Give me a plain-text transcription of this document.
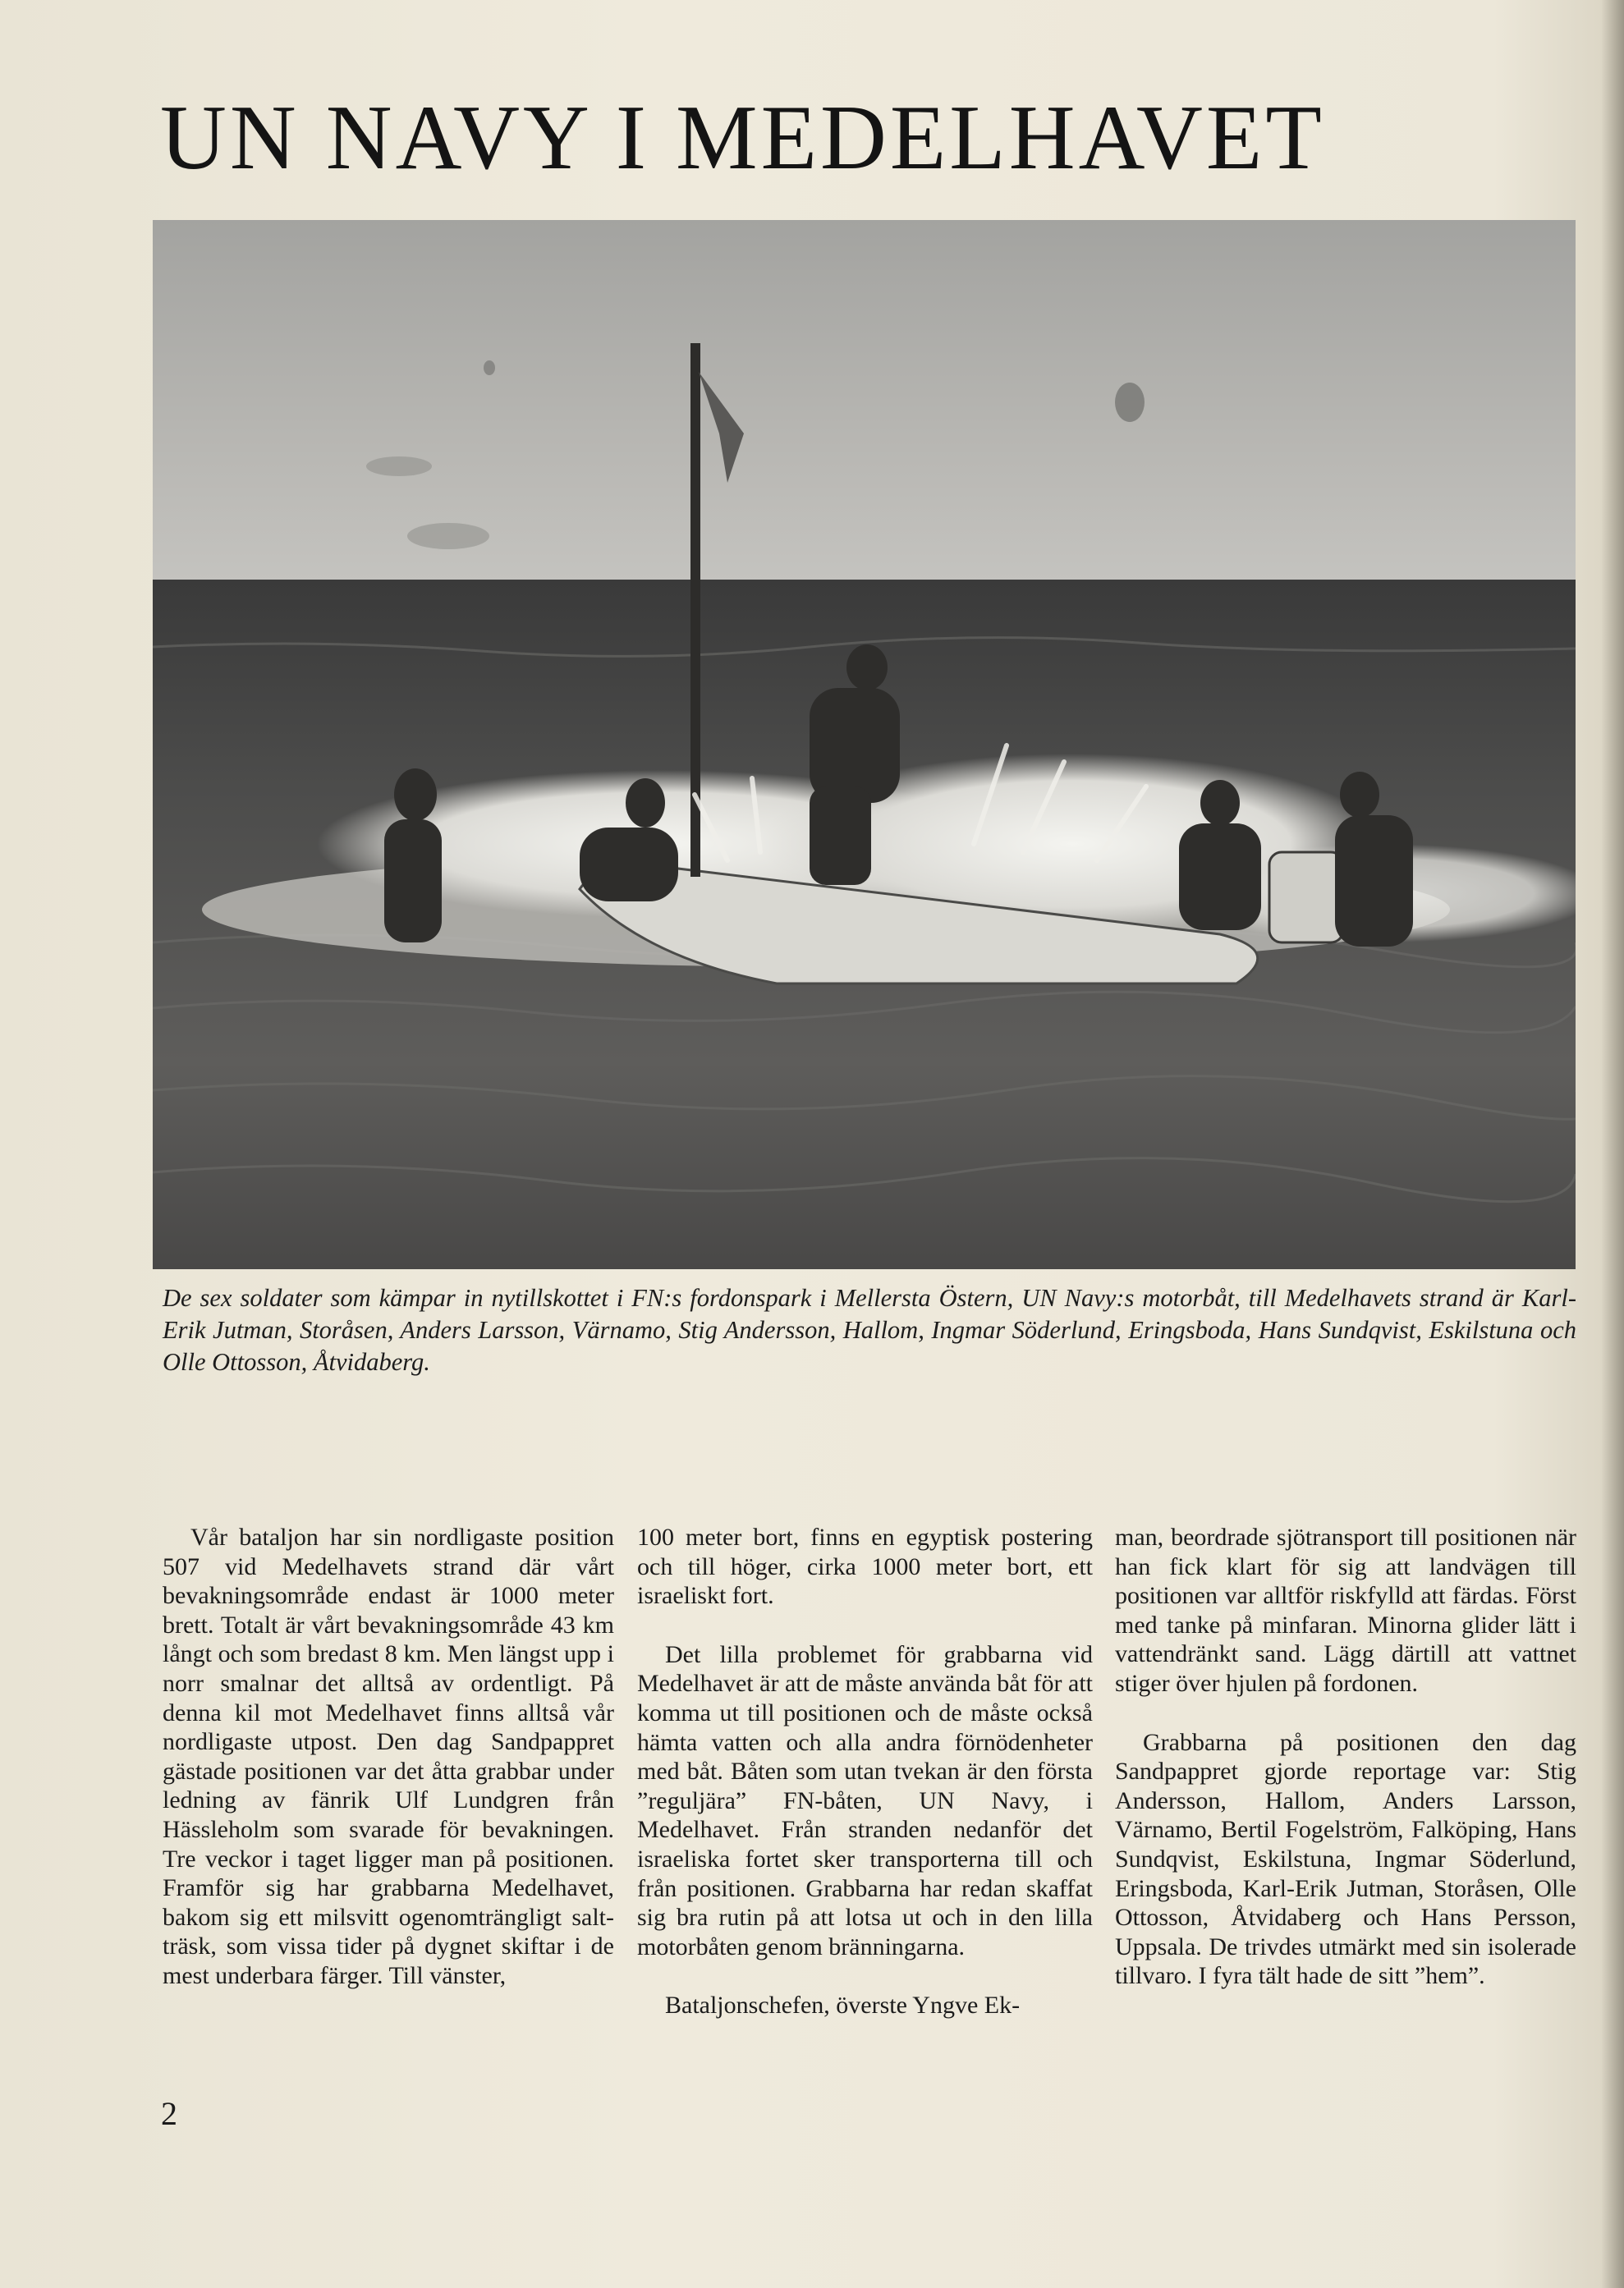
UN NAVY I MEDELHAVET

De sex soldater som kämpar in nytillskottet i FN:s fordonspark i Mellersta Östern, UN Navy:s motorbåt, till Medelhavets strand är Karl-Erik Jutman, Storåsen, Anders Larsson, Värnamo, Stig Andersson, Hallom, Ingmar Söderlund, Eringsboda, Hans Sundqvist, Eskilstuna och Olle Ottosson, Åtvidaberg.

Vår bataljon har sin nordligaste position 507 vid Medelhavets strand där vårt bevakningsområde endast är 1000 meter brett. Totalt är vårt bevakningsområde 43 km långt och som bredast 8 km. Men längst upp i norr smalnar det alltså av ordentligt. På denna kil mot Medelhavet finns alltså vår nordligaste utpost. Den dag Sandpappret gästade positionen var det åtta grabbar under ledning av fänrik Ulf Lundgren från Hässleholm som svarade för bevakningen. Tre veckor i taget ligger man på positionen. Framför sig har grabbarna Medelhavet, bakom sig ett milsvitt ogenomträngligt salt-träsk, som vissa tider på dygnet skiftar i de mest underbara färger. Till vänster,

100 meter bort, finns en egyptisk postering och till höger, cirka 1000 meter bort, ett israeliskt fort.

Det lilla problemet för grabbarna vid Medelhavet är att de måste använda båt för att komma ut till positionen och de måste också hämta vatten och alla andra förnödenheter med båt. Båten som utan tvekan är den första ”reguljära” FN-båten, UN Navy, i Medelhavet. Från stranden nedanför det israeliska fortet sker transporterna till och från positionen. Grabbarna har redan skaffat sig bra rutin på att lotsa ut och in den lilla motorbåten genom bränningarna.

Bataljonschefen, överste Yngve Ek-

man, beordrade sjötransport till positionen när han fick klart för sig att landvägen till positionen var alltför riskfylld att färdas. Först med tanke på minfaran. Minorna glider lätt i vattendränkt sand. Lägg därtill att vattnet stiger över hjulen på fordonen.

Grabbarna på positionen den dag Sandpappret gjorde reportage var: Stig Andersson, Hallom, Anders Larsson, Värnamo, Bertil Fogelström, Falköping, Hans Sundqvist, Eskilstuna, Ingmar Söderlund, Eringsboda, Karl-Erik Jutman, Storåsen, Olle Ottosson, Åtvidaberg och Hans Persson, Uppsala. De trivdes utmärkt med sin isolerade tillvaro. I fyra tält hade de sitt ”hem”.

2
